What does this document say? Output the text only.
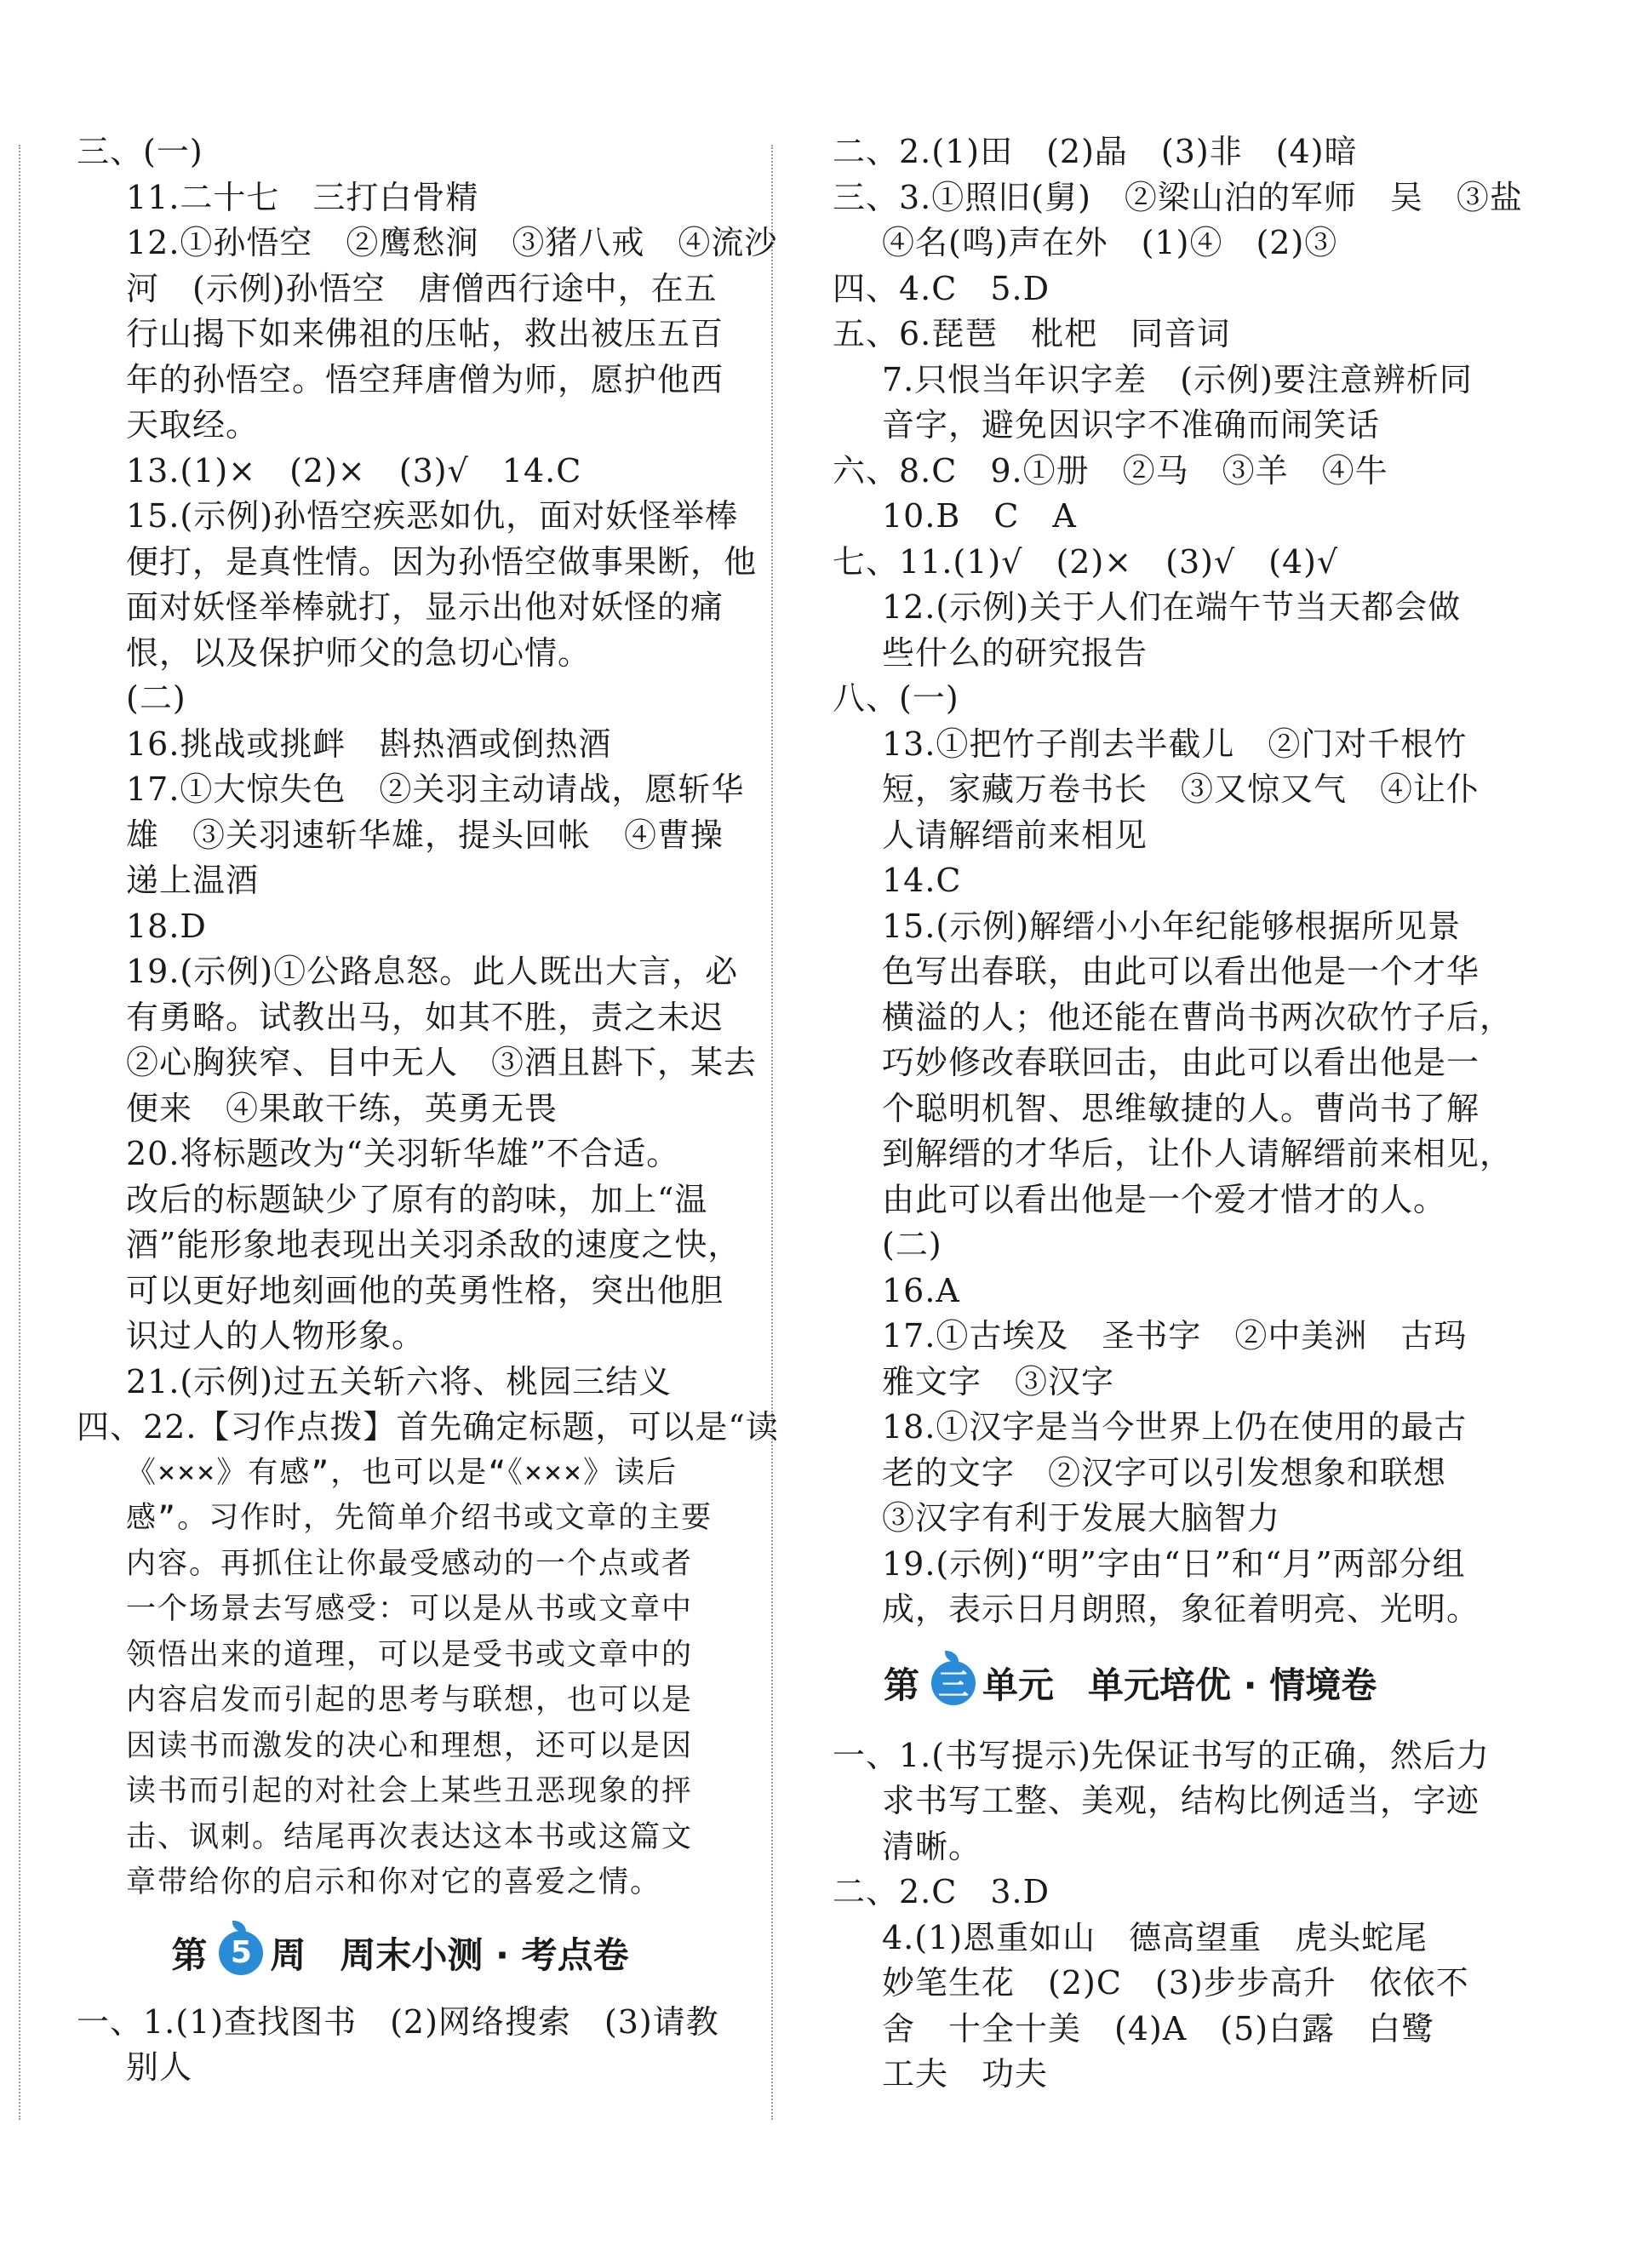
三、(一)
11.二十七　三打白骨精
12.①孙悟空　②鹰愁涧　③猪八戒　④流沙
河　(示例)孙悟空　唐僧西行途中，在五
行山揭下如来佛祖的压帖，救出被压五百
年的孙悟空。悟空拜唐僧为师，愿护他西
天取经。
13.(1)×　(2)×　(3)√　14.C
15.(示例)孙悟空疾恶如仇，面对妖怪举棒
便打，是真性情。因为孙悟空做事果断，他
面对妖怪举棒就打，显示出他对妖怪的痛
恨，以及保护师父的急切心情。
(二)
16.挑战或挑衅　斟热酒或倒热酒
17.①大惊失色　②关羽主动请战，愿斩华
雄　③关羽速斩华雄，提头回帐　④曹操
递上温酒
18.D
19.(示例)①公路息怒。此人既出大言，必
有勇略。试教出马，如其不胜，责之未迟
②心胸狭窄、目中无人　③酒且斟下，某去
便来　④果敢干练，英勇无畏
20.将标题改为“关羽斩华雄”不合适。
改后的标题缺少了原有的韵味，加上“温
酒”能形象地表现出关羽杀敌的速度之快，
可以更好地刻画他的英勇性格，突出他胆
识过人的人物形象。
21.(示例)过五关斩六将、桃园三结义
四、22.【习作点拨】首先确定标题，可以是“读
《×××》有感”，也可以是“《×××》读后
感”。习作时，先简单介绍书或文章的主要
内容。再抓住让你最受感动的一个点或者
一个场景去写感受：可以是从书或文章中
领悟出来的道理，可以是受书或文章中的
内容启发而引起的思考与联想，也可以是
因读书而激发的决心和理想，还可以是因
读书而引起的对社会上某些丑恶现象的抨
击、讽刺。结尾再次表达这本书或这篇文
章带给你的启示和你对它的喜爱之情。
第 5 周 周末小测 · 考点卷
一、1.(1)查找图书　(2)网络搜索　(3)请教
别人
二、2.(1)田　(2)晶　(3)非　(4)暗
三、3.①照旧(舅)　②梁山泊的军师　吴　③盐
④名(鸣)声在外　(1)④　(2)③
四、4.C　5.D
五、6.琵琶　枇杷　同音词
7.只恨当年识字差　(示例)要注意辨析同
音字，避免因识字不准确而闹笑话
六、8.C　9.①册　②马　③羊　④牛
10.B　C　A
七、11.(1)√　(2)×　(3)√　(4)√
12.(示例)关于人们在端午节当天都会做
些什么的研究报告
八、(一)
13.①把竹子削去半截儿　②门对千根竹
短，家藏万卷书长　③又惊又气　④让仆
人请解缙前来相见
14.C
15.(示例)解缙小小年纪能够根据所见景
色写出春联，由此可以看出他是一个才华
横溢的人；他还能在曹尚书两次砍竹子后，
巧妙修改春联回击，由此可以看出他是一
个聪明机智、思维敏捷的人。曹尚书了解
到解缙的才华后，让仆人请解缙前来相见，
由此可以看出他是一个爱才惜才的人。
(二)
16.A
17.①古埃及　圣书字　②中美洲　古玛
雅文字　③汉字
18.①汉字是当今世界上仍在使用的最古
老的文字　②汉字可以引发想象和联想
③汉字有利于发展大脑智力
19.(示例)“明”字由“日”和“月”两部分组
成，表示日月朗照，象征着明亮、光明。
第 三 单元 单元培优 · 情境卷
一、1.(书写提示)先保证书写的正确，然后力
求书写工整、美观，结构比例适当，字迹
清晰。
二、2.C　3.D
4.(1)恩重如山　德高望重　虎头蛇尾
妙笔生花　(2)C　(3)步步高升　依依不
舍　十全十美　(4)A　(5)白露　白鹭
工夫　功夫
